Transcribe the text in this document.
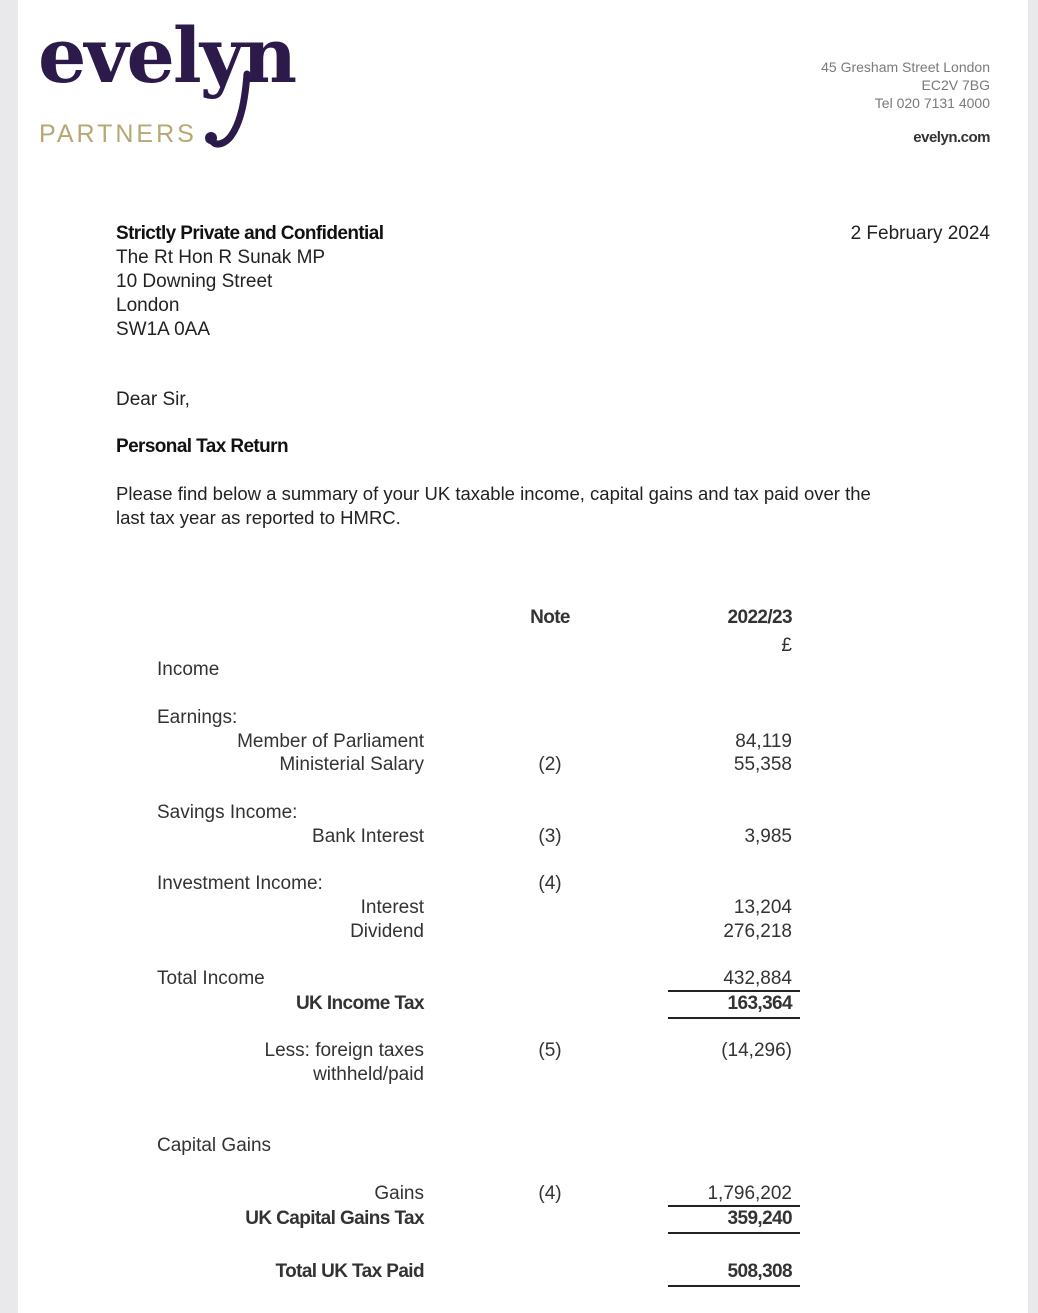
evelyn
PARTNERS
45 Gresham Street London
EC2V 7BG
Tel 020 7131 4000
evelyn.com
Strictly Private and Confidential	2 February 2024
The Rt Hon R Sunak MP
10 Downing Street
London
SW1A 0AA
Dear Sir,
Personal Tax Return
Please find below a summary of your UK taxable income, capital gains and tax paid over the
last tax year as reported to HMRC.
Note	2022/23
£
Income
Earnings:
Member of Parliament	84,119
Ministerial Salary	(2)	55,358
Savings Income:
Bank Interest	(3)	3,985
Investment Income:	(4)
Interest	13,204
Dividend	276,218
Total Income	432,884
UK Income Tax	163,364
Less: foreign taxes
withheld/paid
(5)	(14,296)
Capital Gains
Gains	(4)	1,796,202
UK Capital Gains Tax	359,240
Total UK Tax Paid	508,308
